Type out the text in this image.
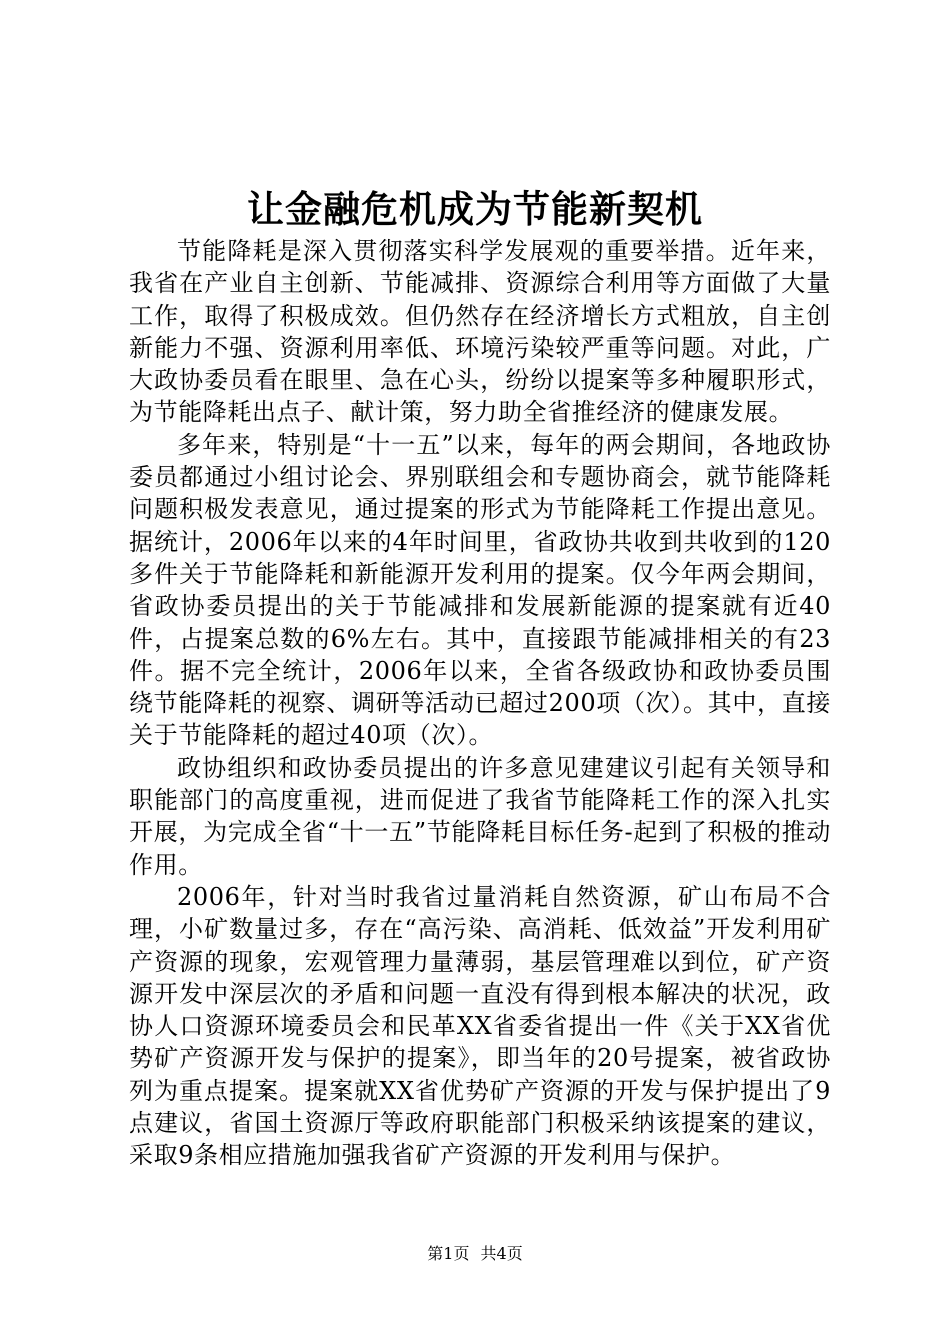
让金融危机成为节能新契机

节能降耗是深入贯彻落实科学发展观的重要举措。近年来，我省在产业自主创新、节能减排、资源综合利用等方面做了大量工作，取得了积极成效。但仍然存在经济增长方式粗放，自主创新能力不强、资源利用率低、环境污染较严重等问题。对此，广大政协委员看在眼里、急在心头，纷纷以提案等多种履职形式，为节能降耗出点子、献计策，努力助全省推经济的健康发展。

多年来，特别是“十一五”以来，每年的两会期间，各地政协委员都通过小组讨论会、界别联组会和专题协商会，就节能降耗问题积极发表意见，通过提案的形式为节能降耗工作提出意见。据统计，2006年以来的4年时间里，省政协共收到共收到的120多件关于节能降耗和新能源开发利用的提案。仅今年两会期间，省政协委员提出的关于节能减排和发展新能源的提案就有近40件，占提案总数的6%左右。其中，直接跟节能减排相关的有23件。据不完全统计，2006年以来，全省各级政协和政协委员围绕节能降耗的视察、调研等活动已超过200项（次）。其中，直接关于节能降耗的超过40项（次）。

政协组织和政协委员提出的许多意见建建议引起有关领导和职能部门的高度重视，进而促进了我省节能降耗工作的深入扎实开展，为完成全省“十一五”节能降耗目标任务-起到了积极的推动作用。

2006年，针对当时我省过量消耗自然资源，矿山布局不合理，小矿数量过多，存在“高污染、高消耗、低效益”开发利用矿产资源的现象，宏观管理力量薄弱，基层管理难以到位，矿产资源开发中深层次的矛盾和问题一直没有得到根本解决的状况，政协人口资源环境委员会和民革XX省委省提出一件《关于XX省优势矿产资源开发与保护的提案》，即当年的20号提案，被省政协列为重点提案。提案就XX省优势矿产资源的开发与保护提出了9点建议，省国土资源厅等政府职能部门积极采纳该提案的建议，采取9条相应措施加强我省矿产资源的开发利用与保护。

第1页 共4页
